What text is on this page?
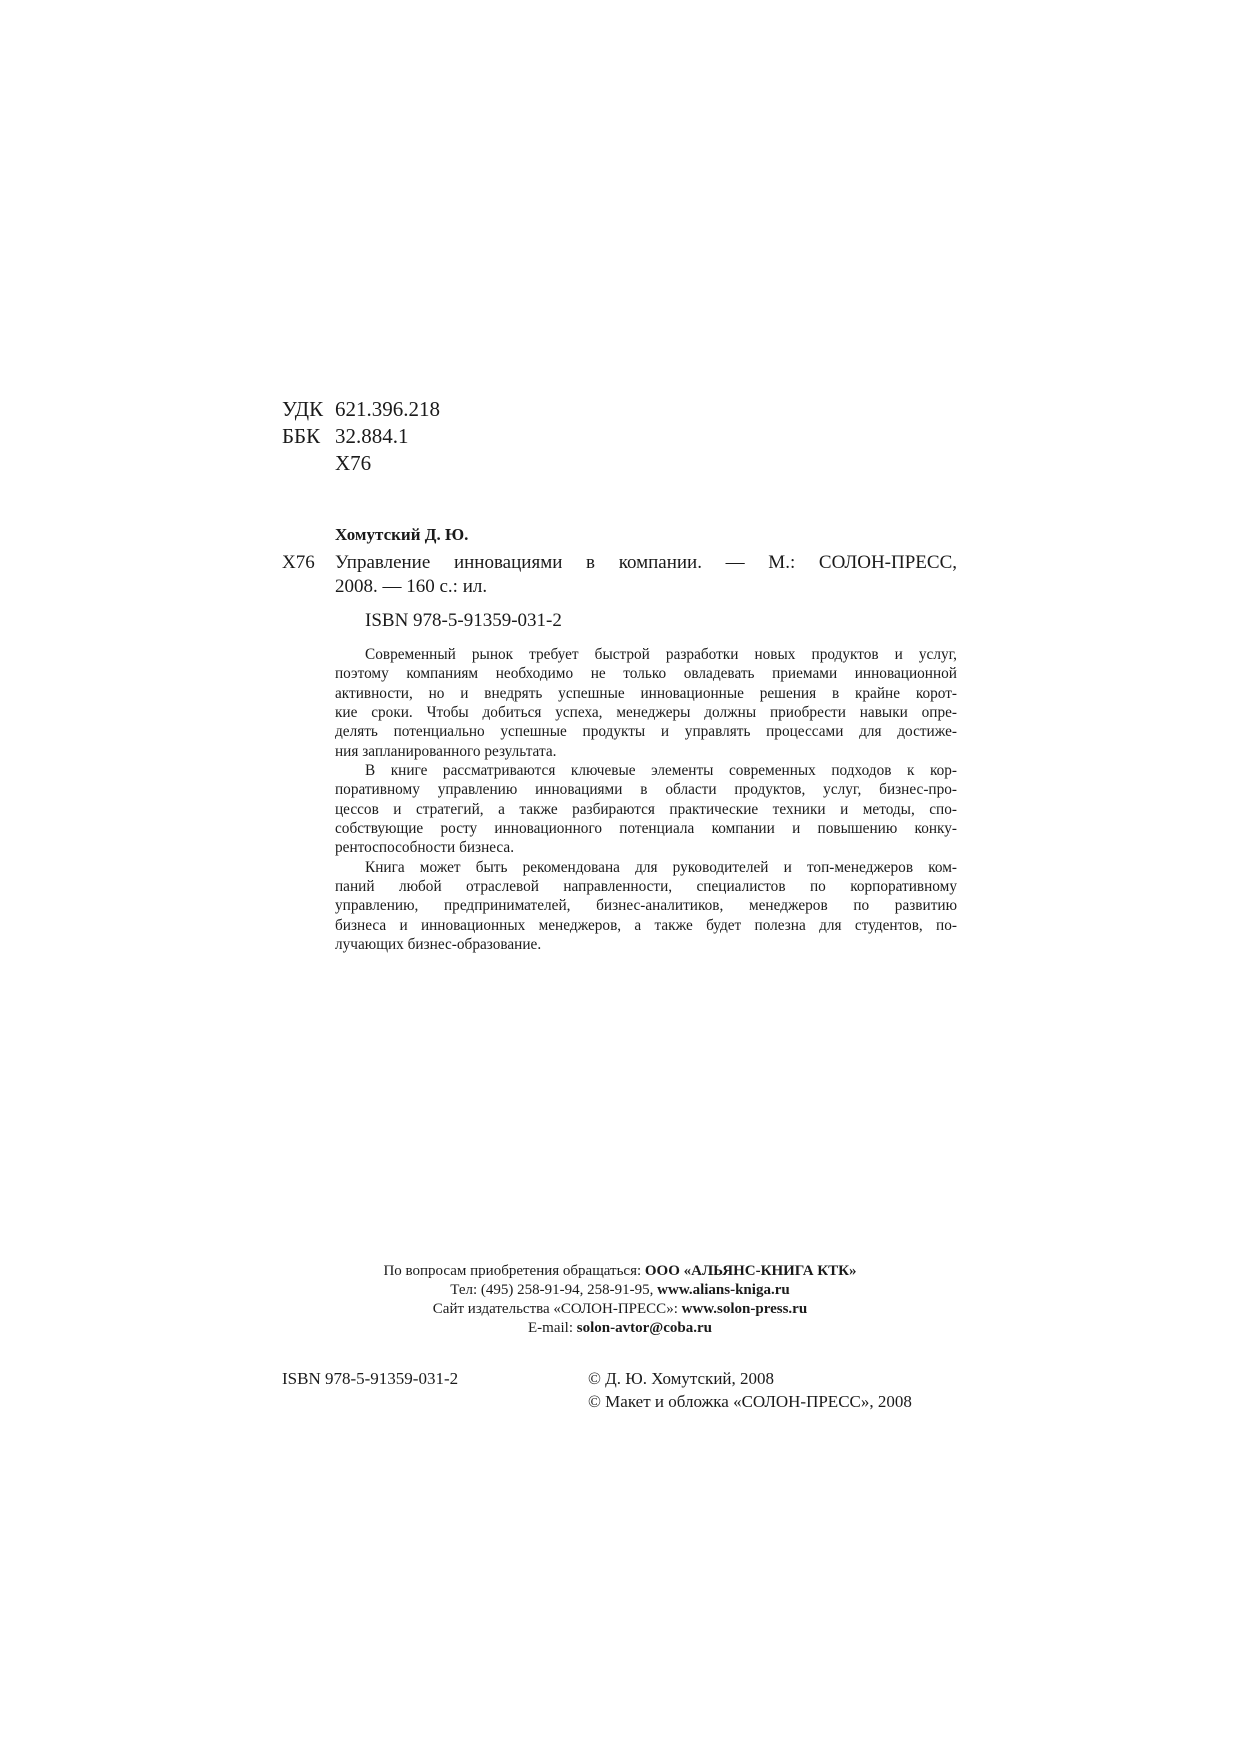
УДК 621.396.218
ББК 32.884.1
Х76
Хомутский Д. Ю.
Х76 Управление инновациями в компании. — М.: СОЛОН-ПРЕСС,
2008. — 160 с.: ил.
ISBN 978-5-91359-031-2
Современный рынок требует быстрой разработки новых продуктов и услуг,
поэтому компаниям необходимо не только овладевать приемами инновационной
активности, но и внедрять успешные инновационные решения в крайне корот-
кие сроки. Чтобы добиться успеха, менеджеры должны приобрести навыки опре-
делять потенциально успешные продукты и управлять процессами для достиже-
ния запланированного результата.
В книге рассматриваются ключевые элементы современных подходов к кор-
поративному управлению инновациями в области продуктов, услуг, бизнес-про-
цессов и стратегий, а также разбираются практические техники и методы, спо-
собствующие росту инновационного потенциала компании и повышению конку-
рентоспособности бизнеса.
Книга может быть рекомендована для руководителей и топ-менеджеров ком-
паний любой отраслевой направленности, специалистов по корпоративному
управлению, предпринимателей, бизнес-аналитиков, менеджеров по развитию
бизнеса и инновационных менеджеров, а также будет полезна для студентов, по-
лучающих бизнес-образование.
По вопросам приобретения обращаться: ООО «АЛЬЯНС-КНИГА КТК»
Тел: (495) 258-91-94, 258-91-95, www.alians-kniga.ru
Сайт издательства «СОЛОН-ПРЕСС»: www.solon-press.ru
E-mail: solon-avtor@coba.ru
ISBN 978-5-91359-031-2	© Д. Ю. Хомутский, 2008
© Макет и обложка «СОЛОН-ПРЕСС», 2008
